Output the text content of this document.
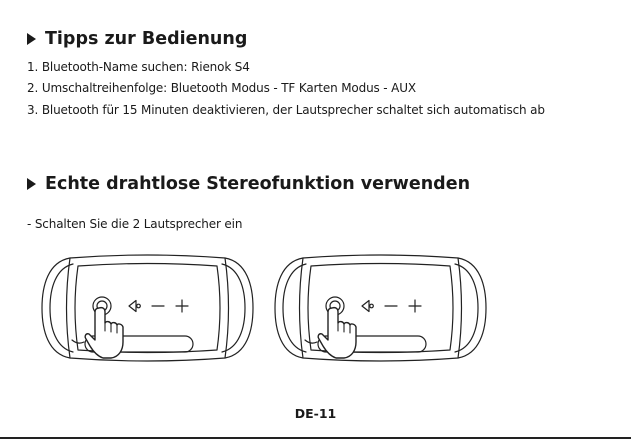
Tipps zur Bedienung

1. Bluetooth-Name suchen: Rienok S4

2. Umschaltreihenfolge: Bluetooth Modus - TF Karten Modus - AUX

3. Bluetooth für 15 Minuten deaktivieren, der Lautsprecher schaltet sich automatisch ab

Echte drahtlose Stereofunktion verwenden

- Schalten Sie die 2 Lautsprecher ein

DE-11
